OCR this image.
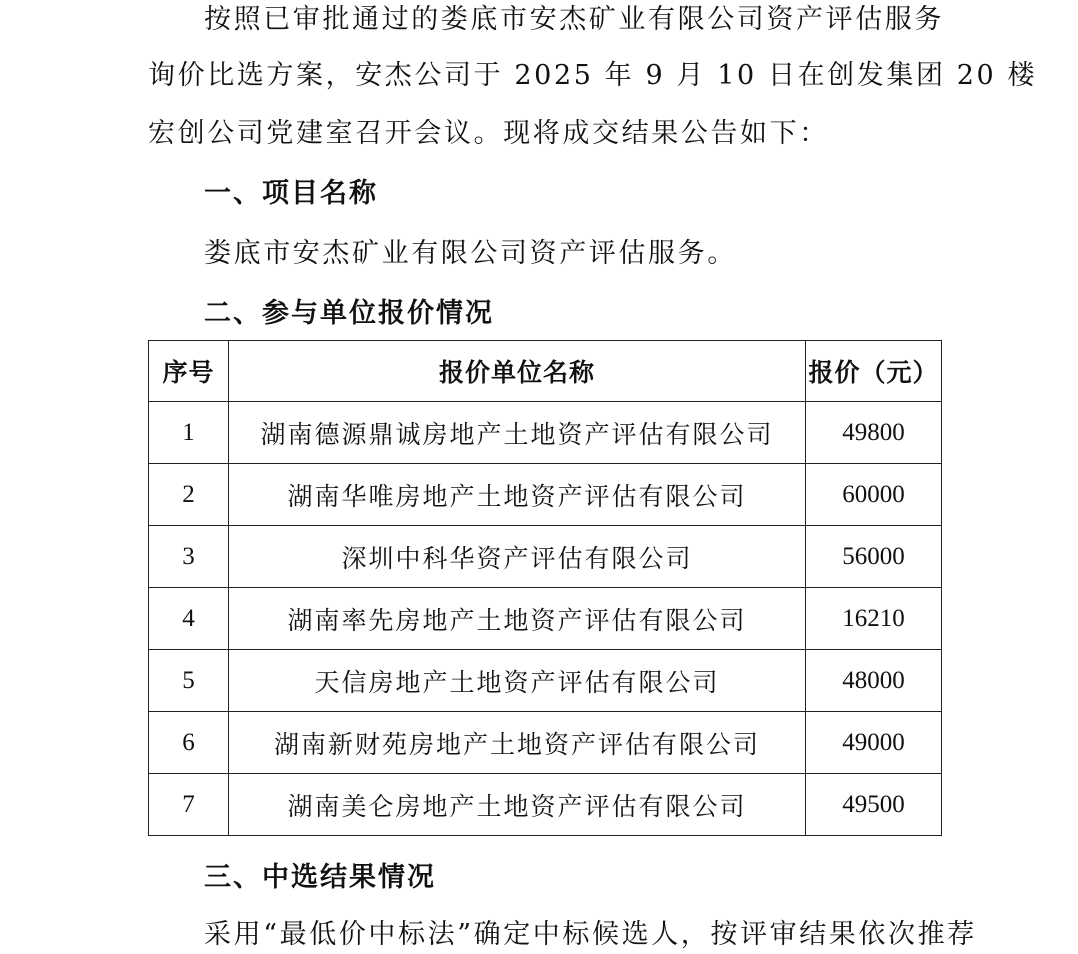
按照已审批通过的娄底市安杰矿业有限公司资产评估服务
询价比选方案，安杰公司于 2025 年 9 月 10 日在创发集团 20 楼
宏创公司党建室召开会议。现将成交结果公告如下：
一、项目名称
娄底市安杰矿业有限公司资产评估服务。
二、参与单位报价情况
序号	报价单位名称	报价（元）
1	湖南德源鼎诚房地产土地资产评估有限公司	49800
2	湖南华唯房地产土地资产评估有限公司	60000
3	深圳中科华资产评估有限公司	56000
4	湖南率先房地产土地资产评估有限公司	16210
5	天信房地产土地资产评估有限公司	48000
6	湖南新财苑房地产土地资产评估有限公司	49000
7	湖南美仑房地产土地资产评估有限公司	49500
三、中选结果情况
采用“最低价中标法”确定中标候选人，按评审结果依次推荐
